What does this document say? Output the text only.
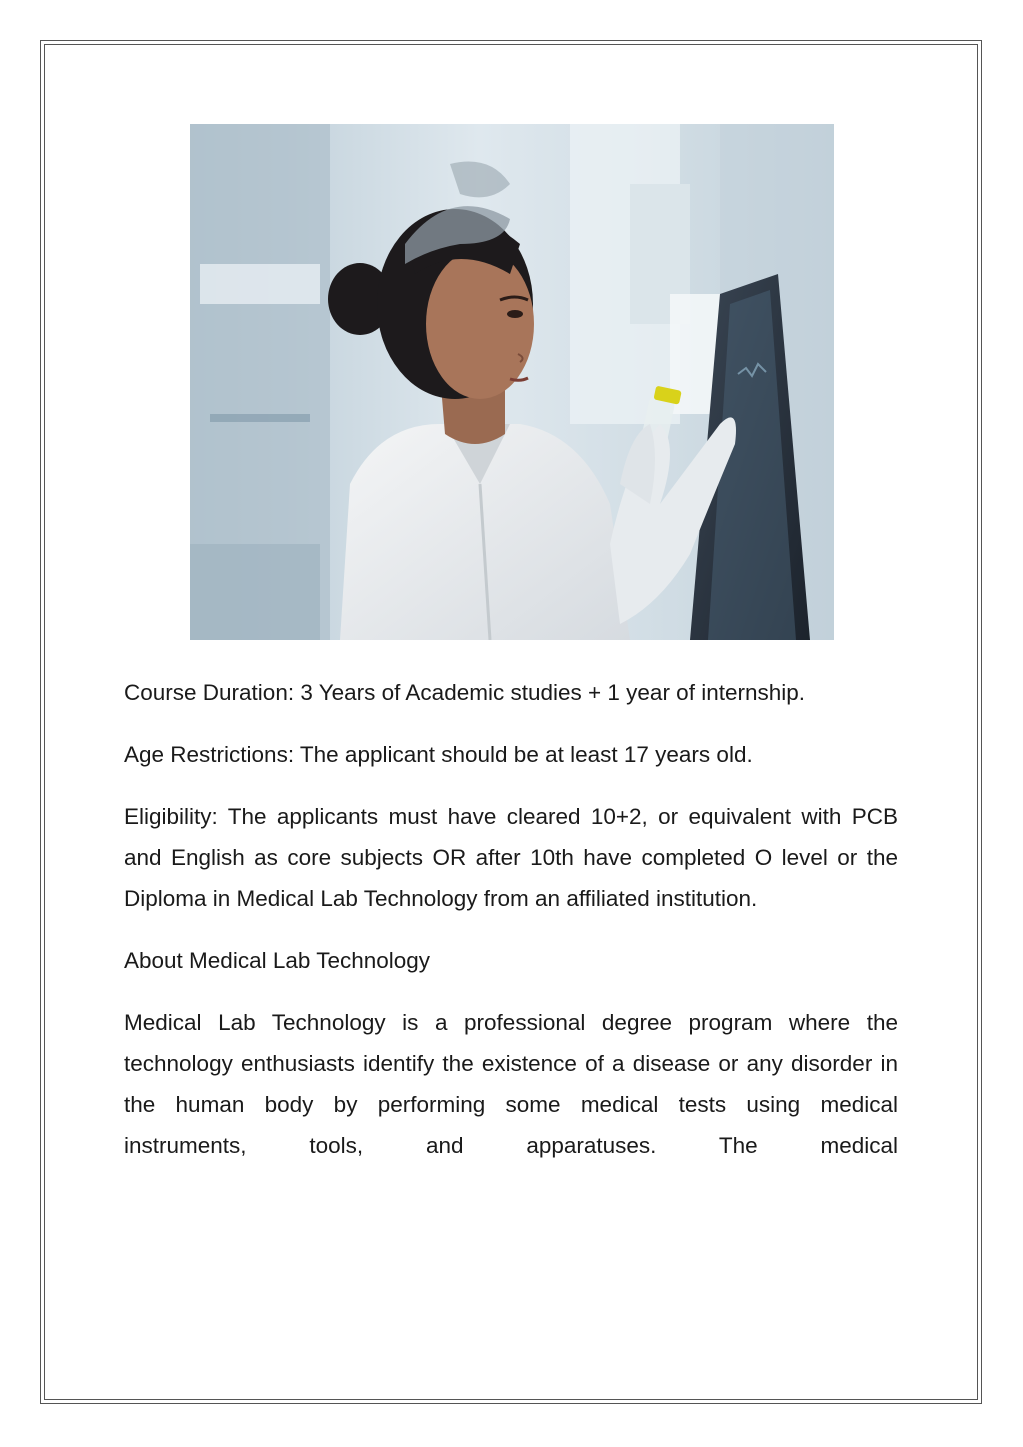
Course Duration: 3 Years of Academic studies + 1 year of internship.

Age Restrictions: The applicant should be at least 17 years old.

Eligibility: The applicants must have cleared 10+2, or equivalent with PCB and English as core subjects OR after 10th have completed O level or the Diploma in Medical Lab Technology from an affiliated institution.

About Medical Lab Technology

Medical Lab Technology is a professional degree program where the technology enthusiasts identify the existence of a disease or any disorder in the human body by performing some medical tests using medical instruments, tools, and apparatuses. The medical
